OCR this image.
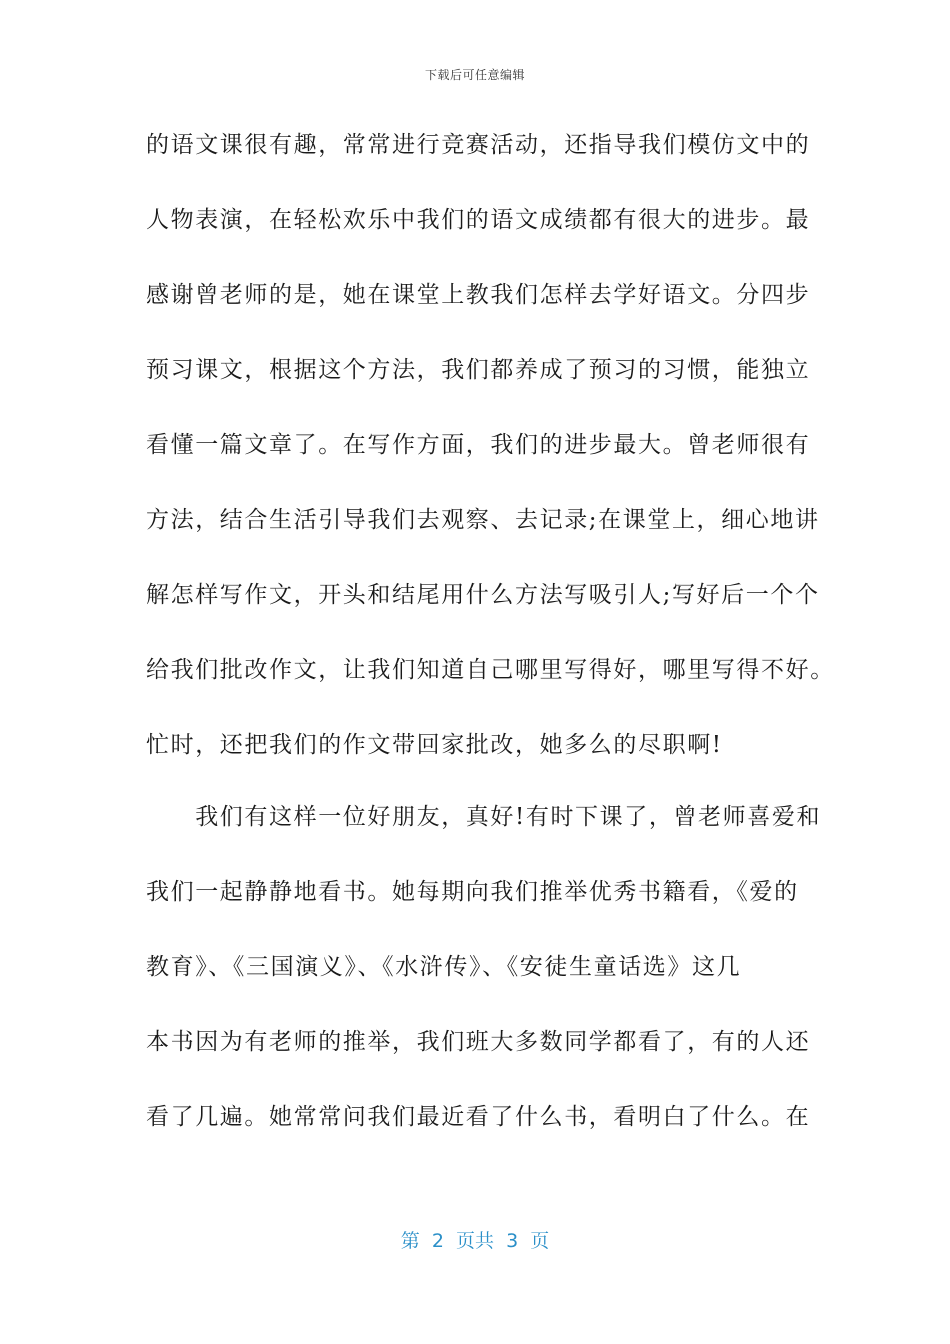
下载后可任意编辑
的语文课很有趣，常常进行竞赛活动，还指导我们模仿文中的
人物表演，在轻松欢乐中我们的语文成绩都有很大的进步。最
感谢曾老师的是，她在课堂上教我们怎样去学好语文。分四步
预习课文，根据这个方法，我们都养成了预习的习惯，能独立
看懂一篇文章了。在写作方面，我们的进步最大。曾老师很有
方法，结合生活引导我们去观察、去记录;在课堂上，细心地讲
解怎样写作文，开头和结尾用什么方法写吸引人;写好后一个个
给我们批改作文，让我们知道自己哪里写得好，哪里写得不好。
忙时，还把我们的作文带回家批改，她多么的尽职啊!
　　我们有这样一位好朋友，真好!有时下课了，曾老师喜爱和
我们一起静静地看书。她每期向我们推举优秀书籍看，《爱的
教育》、《三国演义》、《水浒传》、《安徒生童话选》这几
本书因为有老师的推举，我们班大多数同学都看了，有的人还
看了几遍。她常常问我们最近看了什么书，看明白了什么。在
第  2  页共  3  页
